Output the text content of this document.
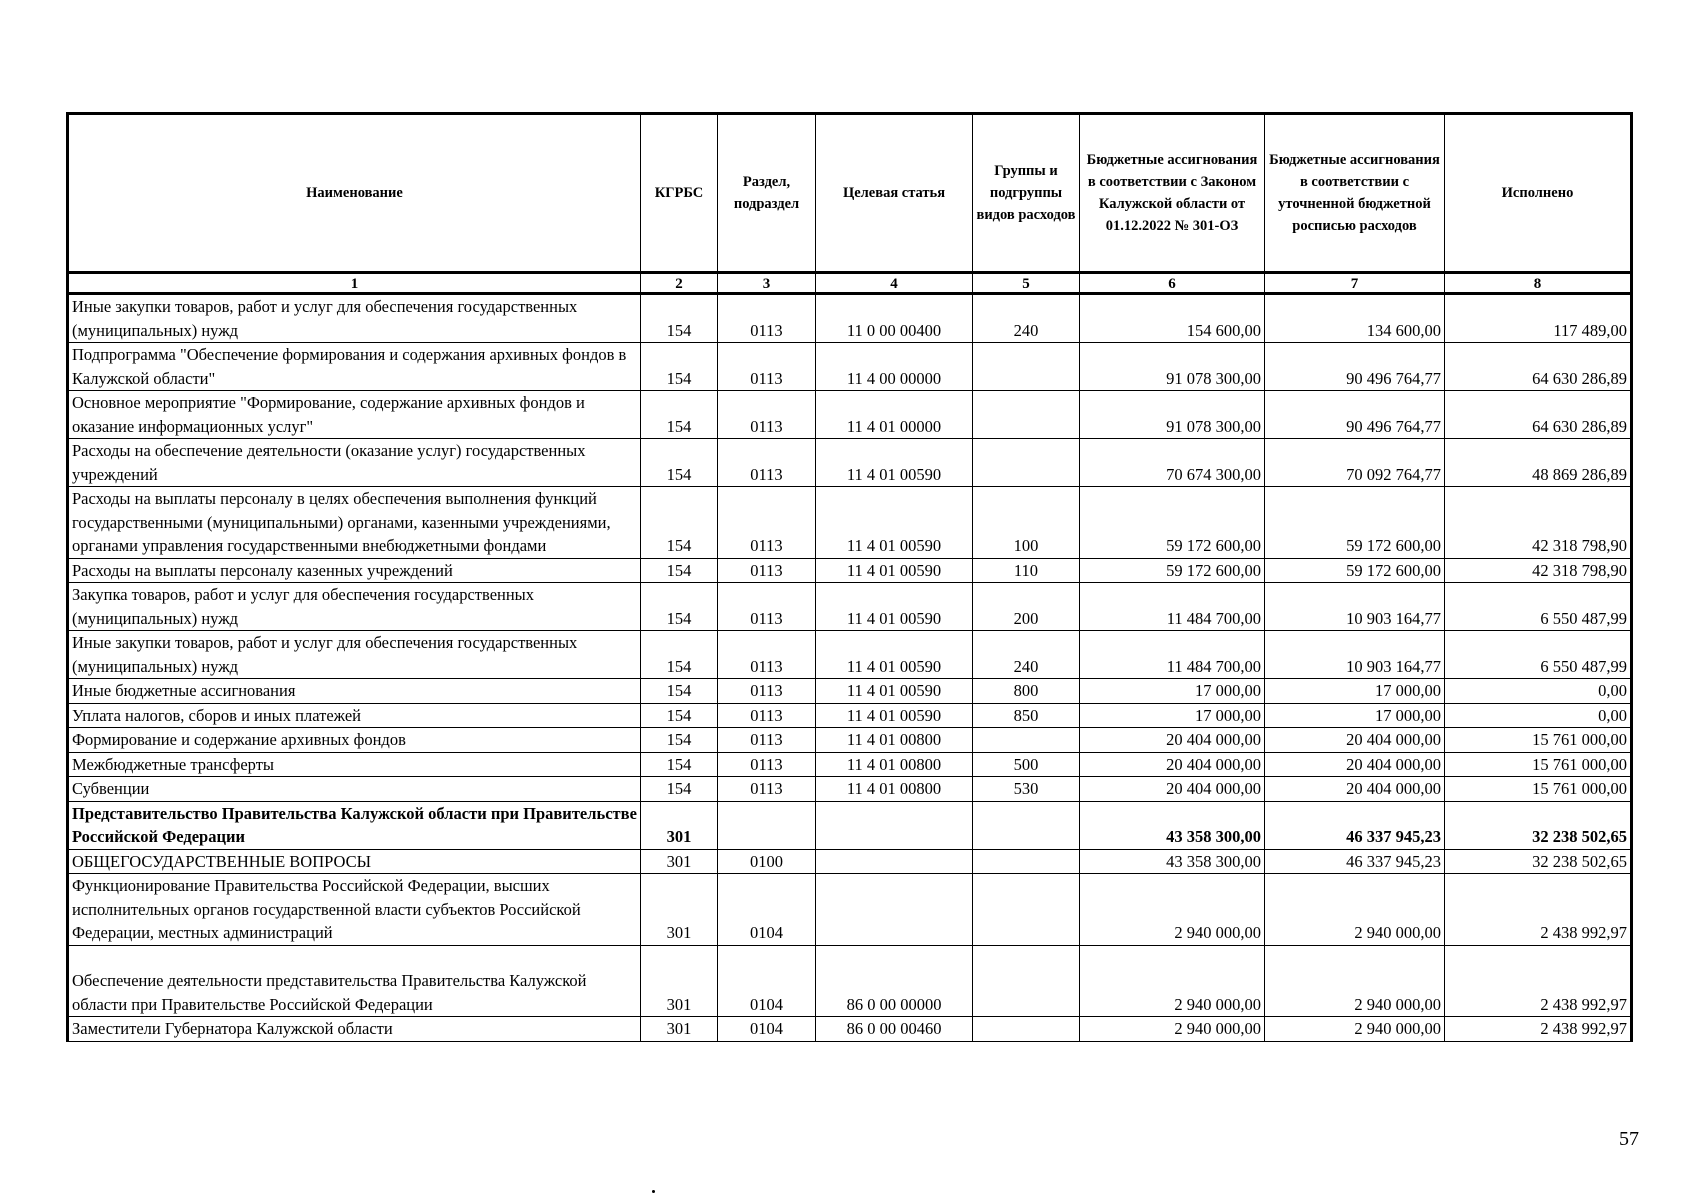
Наименование	КГРБС	Раздел, подраздел	Целевая статья	Группы и подгруппы видов расходов	Бюджетные ассигнования в соответствии с Законом Калужской области от 01.12.2022 № 301-ОЗ	Бюджетные ассигнования в соответствии с уточненной бюджетной росписью расходов	Исполнено
1	2	3	4	5	6	7	8
Иные закупки товаров, работ и услуг для обеспечения государственных (муниципальных) нужд	154	0113	11 0 00 00400	240	154 600,00	134 600,00	117 489,00
Подпрограмма "Обеспечение формирования и содержания архивных фондов в Калужской области"	154	0113	11 4 00 00000		91 078 300,00	90 496 764,77	64 630 286,89
Основное мероприятие "Формирование, содержание архивных фондов и оказание информационных услуг"	154	0113	11 4 01 00000		91 078 300,00	90 496 764,77	64 630 286,89
Расходы на обеспечение деятельности (оказание услуг) государственных учреждений	154	0113	11 4 01 00590		70 674 300,00	70 092 764,77	48 869 286,89
Расходы на выплаты персоналу в целях обеспечения выполнения функций государственными (муниципальными) органами, казенными учреждениями, органами управления государственными внебюджетными фондами	154	0113	11 4 01 00590	100	59 172 600,00	59 172 600,00	42 318 798,90
Расходы на выплаты персоналу казенных учреждений	154	0113	11 4 01 00590	110	59 172 600,00	59 172 600,00	42 318 798,90
Закупка товаров, работ и услуг для обеспечения государственных (муниципальных) нужд	154	0113	11 4 01 00590	200	11 484 700,00	10 903 164,77	6 550 487,99
Иные закупки товаров, работ и услуг для обеспечения государственных (муниципальных) нужд	154	0113	11 4 01 00590	240	11 484 700,00	10 903 164,77	6 550 487,99
Иные бюджетные ассигнования	154	0113	11 4 01 00590	800	17 000,00	17 000,00	0,00
Уплата налогов, сборов и иных платежей	154	0113	11 4 01 00590	850	17 000,00	17 000,00	0,00
Формирование и содержание архивных фондов	154	0113	11 4 01 00800		20 404 000,00	20 404 000,00	15 761 000,00
Межбюджетные трансферты	154	0113	11 4 01 00800	500	20 404 000,00	20 404 000,00	15 761 000,00
Субвенции	154	0113	11 4 01 00800	530	20 404 000,00	20 404 000,00	15 761 000,00
Представительство Правительства Калужской области при Правительстве Российской Федерации	301				43 358 300,00	46 337 945,23	32 238 502,65
ОБЩЕГОСУДАРСТВЕННЫЕ ВОПРОСЫ	301	0100			43 358 300,00	46 337 945,23	32 238 502,65
Функционирование Правительства Российской Федерации, высших исполнительных органов государственной власти субъектов Российской Федерации, местных администраций	301	0104			2 940 000,00	2 940 000,00	2 438 992,97

Обеспечение деятельности представительства Правительства Калужской области при Правительстве Российской Федерации	301	0104	86 0 00 00000		2 940 000,00	2 940 000,00	2 438 992,97
Заместители Губернатора Калужской области	301	0104	86 0 00 00460		2 940 000,00	2 940 000,00	2 438 992,97
57
